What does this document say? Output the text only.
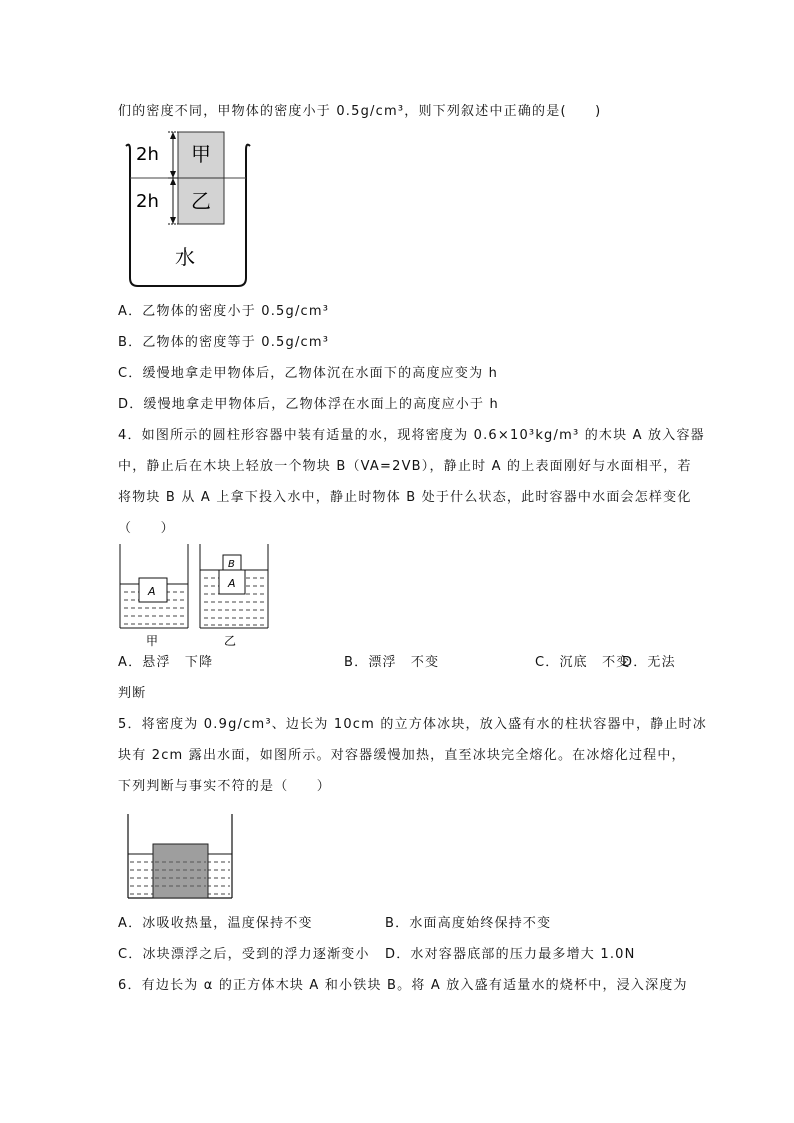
们的密度不同，甲物体的密度小于 0.5g/cm³，则下列叙述中正确的是(　　)
2h
2h
甲
乙
水
A．乙物体的密度小于 0.5g/cm³
B．乙物体的密度等于 0.5g/cm³
C．缓慢地拿走甲物体后，乙物体沉在水面下的高度应变为 h
D．缓慢地拿走甲物体后，乙物体浮在水面上的高度应小于 h
4．如图所示的圆柱形容器中装有适量的水，现将密度为 0.6×10³kg/m³ 的木块 A 放入容器
中，静止后在木块上轻放一个物块 B（VA=2VB），静止时 A 的上表面刚好与水面相平，若
将物块 B 从 A 上拿下投入水中，静止时物体 B 处于什么状态，此时容器中水面会怎样变化
（　　）
A
A
B
甲	乙
A．悬浮　下降	B．漂浮　不变	C．沉底　不变
D．无法
判断
5．将密度为 0.9g/cm³、边长为 10cm 的立方体冰块，放入盛有水的柱状容器中，静止时冰
块有 2cm 露出水面，如图所示。对容器缓慢加热，直至冰块完全熔化。在冰熔化过程中，
下列判断与事实不符的是（　　）
A．冰吸收热量，温度保持不变	B．水面高度始终保持不变
C．冰块漂浮之后，受到的浮力逐渐变小 D．水对容器底部的压力最多增大 1.0N
6．有边长为 α 的正方体木块 A 和小铁块 B。将 A 放入盛有适量水的烧杯中，浸入深度为
